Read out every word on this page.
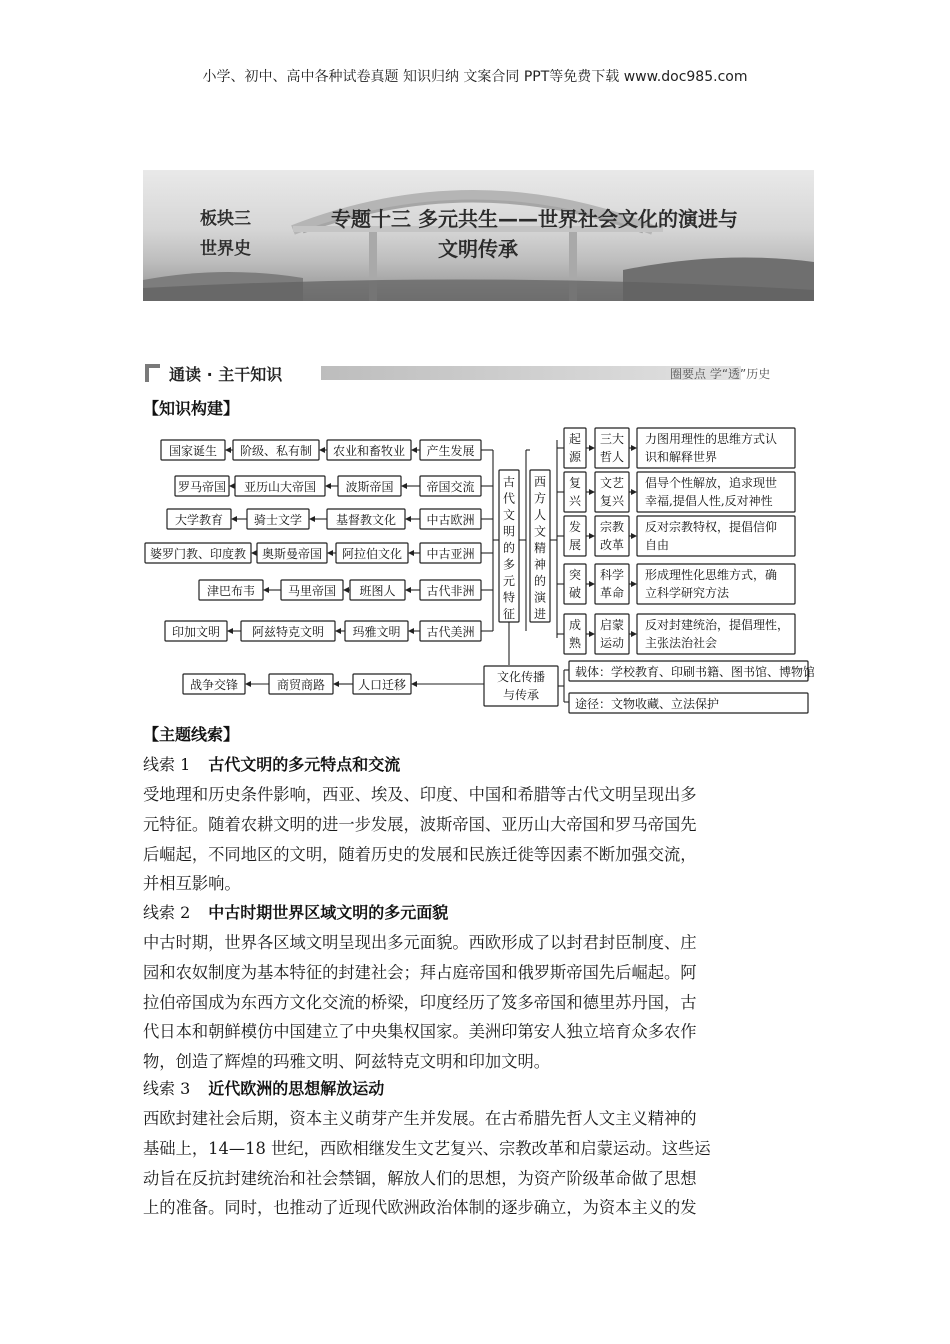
小学、初中、高中各种试卷真题 知识归纳 文案合同 PPT等免费下载 www.doc985.com
板块三
世界史
专题十三 多元共生——世界社会文化的演进与
文明传承
通读 · 主干知识	圈要点 学“透”历史
【知识构建】
国家诞生 阶级、私有制 农业和畜牧业 产生发展
罗马帝国 亚历山大帝国 波斯帝国	帝国交流
大学教育	骑士文学	基督教文化	中古欧洲
婆罗门教、印度教 奥斯曼帝国 阿拉伯文化 中古亚洲
津巴布韦	马里帝国 班图人	古代非洲
印加文明	阿兹特克文明 玛雅文明 古代美洲
古
代
文
明
的
多
元
特
征
西
方
人
文
精
神
的
演
进
起
源
三大
哲人
力图用理性的思维方式认
识和解释世界
复
兴
文艺
复兴
倡导个性解放，追求现世
幸福,提倡人性,反对神性
发
展
宗教
改革
反对宗教特权，提倡信仰
自由
突
破
科学
革命
形成理性化思维方式，确
立科学研究方法
成
熟
启蒙
运动
反对封建统治，提倡理性，
主张法治社会
文化传播
与传承
载体：学校教育、印刷书籍、图书馆、博物馆
途径：文物收藏、立法保护
战争交锋	商贸商路	人口迁移
【主题线索】
线索 1 古代文明的多元特点和交流
受地理和历史条件影响，西亚、埃及、印度、中国和希腊等古代文明呈现出多
元特征。随着农耕文明的进一步发展，波斯帝国、亚历山大帝国和罗马帝国先
后崛起，不同地区的文明，随着历史的发展和民族迁徙等因素不断加强交流，
并相互影响。
线索 2 中古时期世界区域文明的多元面貌
中古时期，世界各区域文明呈现出多元面貌。西欧形成了以封君封臣制度、庄
园和农奴制度为基本特征的封建社会；拜占庭帝国和俄罗斯帝国先后崛起。阿
拉伯帝国成为东西方文化交流的桥梁，印度经历了笈多帝国和德里苏丹国，古
代日本和朝鲜模仿中国建立了中央集权国家。美洲印第安人独立培育众多农作
物，创造了辉煌的玛雅文明、阿兹特克文明和印加文明。
线索 3 近代欧洲的思想解放运动
西欧封建社会后期，资本主义萌芽产生并发展。在古希腊先哲人文主义精神的
基础上，14—18 世纪，西欧相继发生文艺复兴、宗教改革和启蒙运动。这些运
动旨在反抗封建统治和社会禁锢，解放人们的思想，为资产阶级革命做了思想
上的准备。同时，也推动了近现代欧洲政治体制的逐步确立，为资本主义的发
